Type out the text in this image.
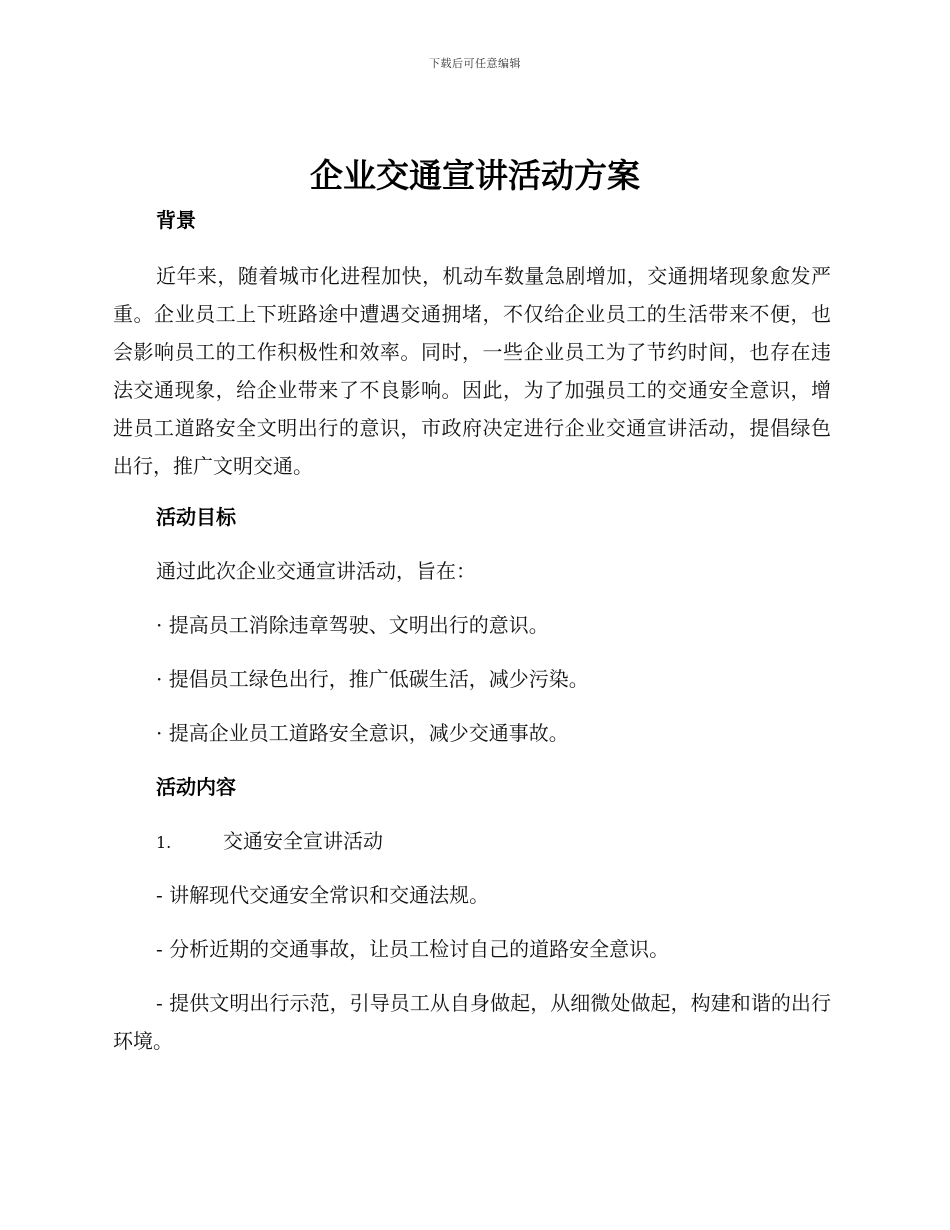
下载后可任意编辑
企业交通宣讲活动方案

背景

近年来，随着城市化进程加快，机动车数量急剧增加，交通拥堵现象愈发严重。企业员工上下班路途中遭遇交通拥堵，不仅给企业员工的生活带来不便，也会影响员工的工作积极性和效率。同时，一些企业员工为了节约时间，也存在违法交通现象，给企业带来了不良影响。因此，为了加强员工的交通安全意识，增进员工道路安全文明出行的意识，市政府决定进行企业交通宣讲活动，提倡绿色出行，推广文明交通。

活动目标

通过此次企业交通宣讲活动，旨在：

· 提高员工消除违章驾驶、文明出行的意识。

· 提倡员工绿色出行，推广低碳生活，减少污染。

· 提高企业员工道路安全意识，减少交通事故。

活动内容

1.	交通安全宣讲活动

- 讲解现代交通安全常识和交通法规。

- 分析近期的交通事故，让员工检讨自己的道路安全意识。

- 提供文明出行示范，引导员工从自身做起，从细微处做起，构建和谐的出行环境。
